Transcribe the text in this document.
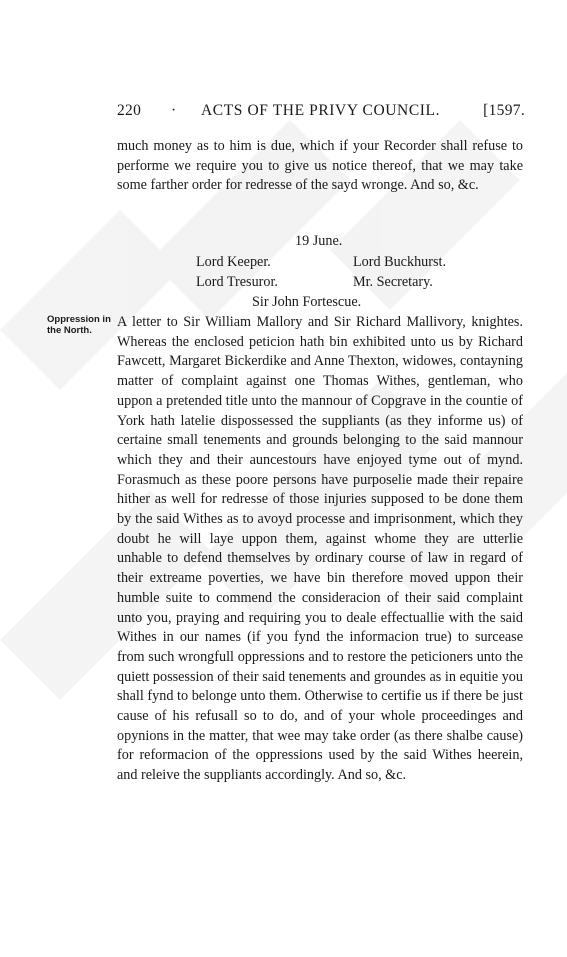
220 · ACTS OF THE PRIVY COUNCIL.	[1597.

much money as to him is due, which if your Recorder shall refuse to performe we require you to give us notice thereof, that we may take some farther order for redresse of the sayd wronge. And so, &c.

19 June.
Lord Keeper.	Lord Buckhurst.
Lord Tresuror.	Mr. Secretary.
Sir John Fortescue.
Oppression in the North.

A letter to Sir William Mallory and Sir Richard Mallivory, knightes. Whereas the enclosed peticion hath bin exhibited unto us by Richard Fawcett, Margaret Bickerdike and Anne Thexton, widowes, contayning matter of complaint against one Thomas Withes, gentleman, who uppon a pretended title unto the mannour of Copgrave in the countie of York hath latelie dispossessed the suppliants (as they informe us) of certaine small tenements and grounds belonging to the said mannour which they and their auncestours have enjoyed tyme out of mynd. Forasmuch as these poore persons have purposelie made their repaire hither as well for redresse of those injuries supposed to be done them by the said Withes as to avoyd processe and imprisonment, which they doubt he will laye uppon them, against whome they are utterlie unhable to defend themselves by ordinary course of law in regard of their extreame poverties, we have bin therefore moved uppon their humble suite to commend the consideracion of their said complaint unto you, praying and requiring you to deale effectuallie with the said Withes in our names (if you fynd the informacion true) to surcease from such wrongfull oppressions and to restore the peticioners unto the quiett possession of their said tenements and groundes as in equitie you shall fynd to belonge unto them. Otherwise to certifie us if there be just cause of his refusall so to do, and of your whole proceedinges and opynions in the matter, that wee may take order (as there shalbe cause) for reformacion of the oppressions used by the said Withes heerein, and releive the suppliants accordingly. And so, &c.
